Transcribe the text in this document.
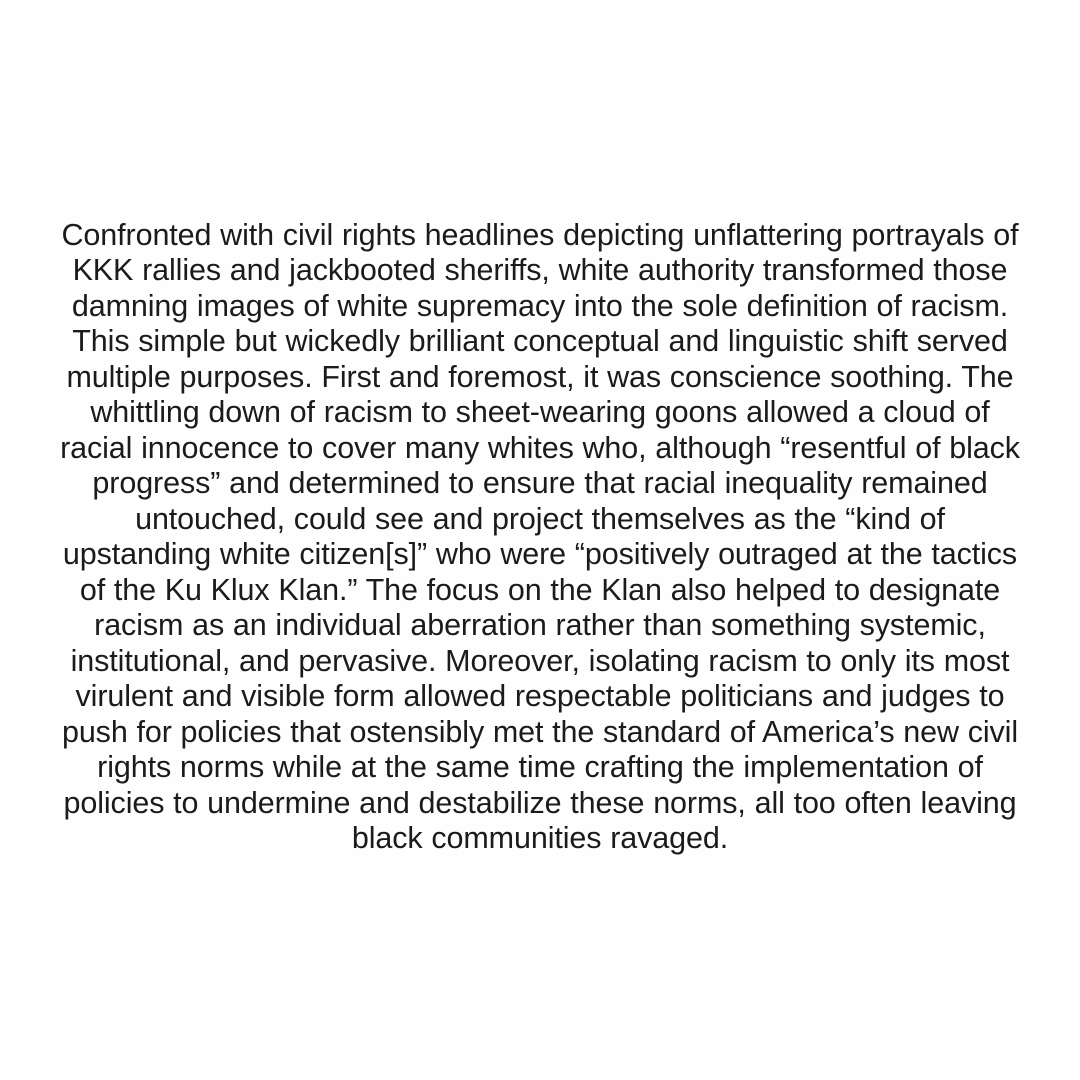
Confronted with civil rights headlines depicting unflattering portrayals of KKK rallies and jackbooted sheriffs, white authority transformed those damning images of white supremacy into the sole definition of racism. This simple but wickedly brilliant conceptual and linguistic shift served multiple purposes. First and foremost, it was conscience soothing. The whittling down of racism to sheet-wearing goons allowed a cloud of racial innocence to cover many whites who, although “resentful of black progress” and determined to ensure that racial inequality remained untouched, could see and project themselves as the “kind of upstanding white citizen[s]” who were “positively outraged at the tactics of the Ku Klux Klan.” The focus on the Klan also helped to designate racism as an individual aberration rather than something systemic, institutional, and pervasive. Moreover, isolating racism to only its most virulent and visible form allowed respectable politicians and judges to push for policies that ostensibly met the standard of America’s new civil rights norms while at the same time crafting the implementation of policies to undermine and destabilize these norms, all too often leaving black communities ravaged.
